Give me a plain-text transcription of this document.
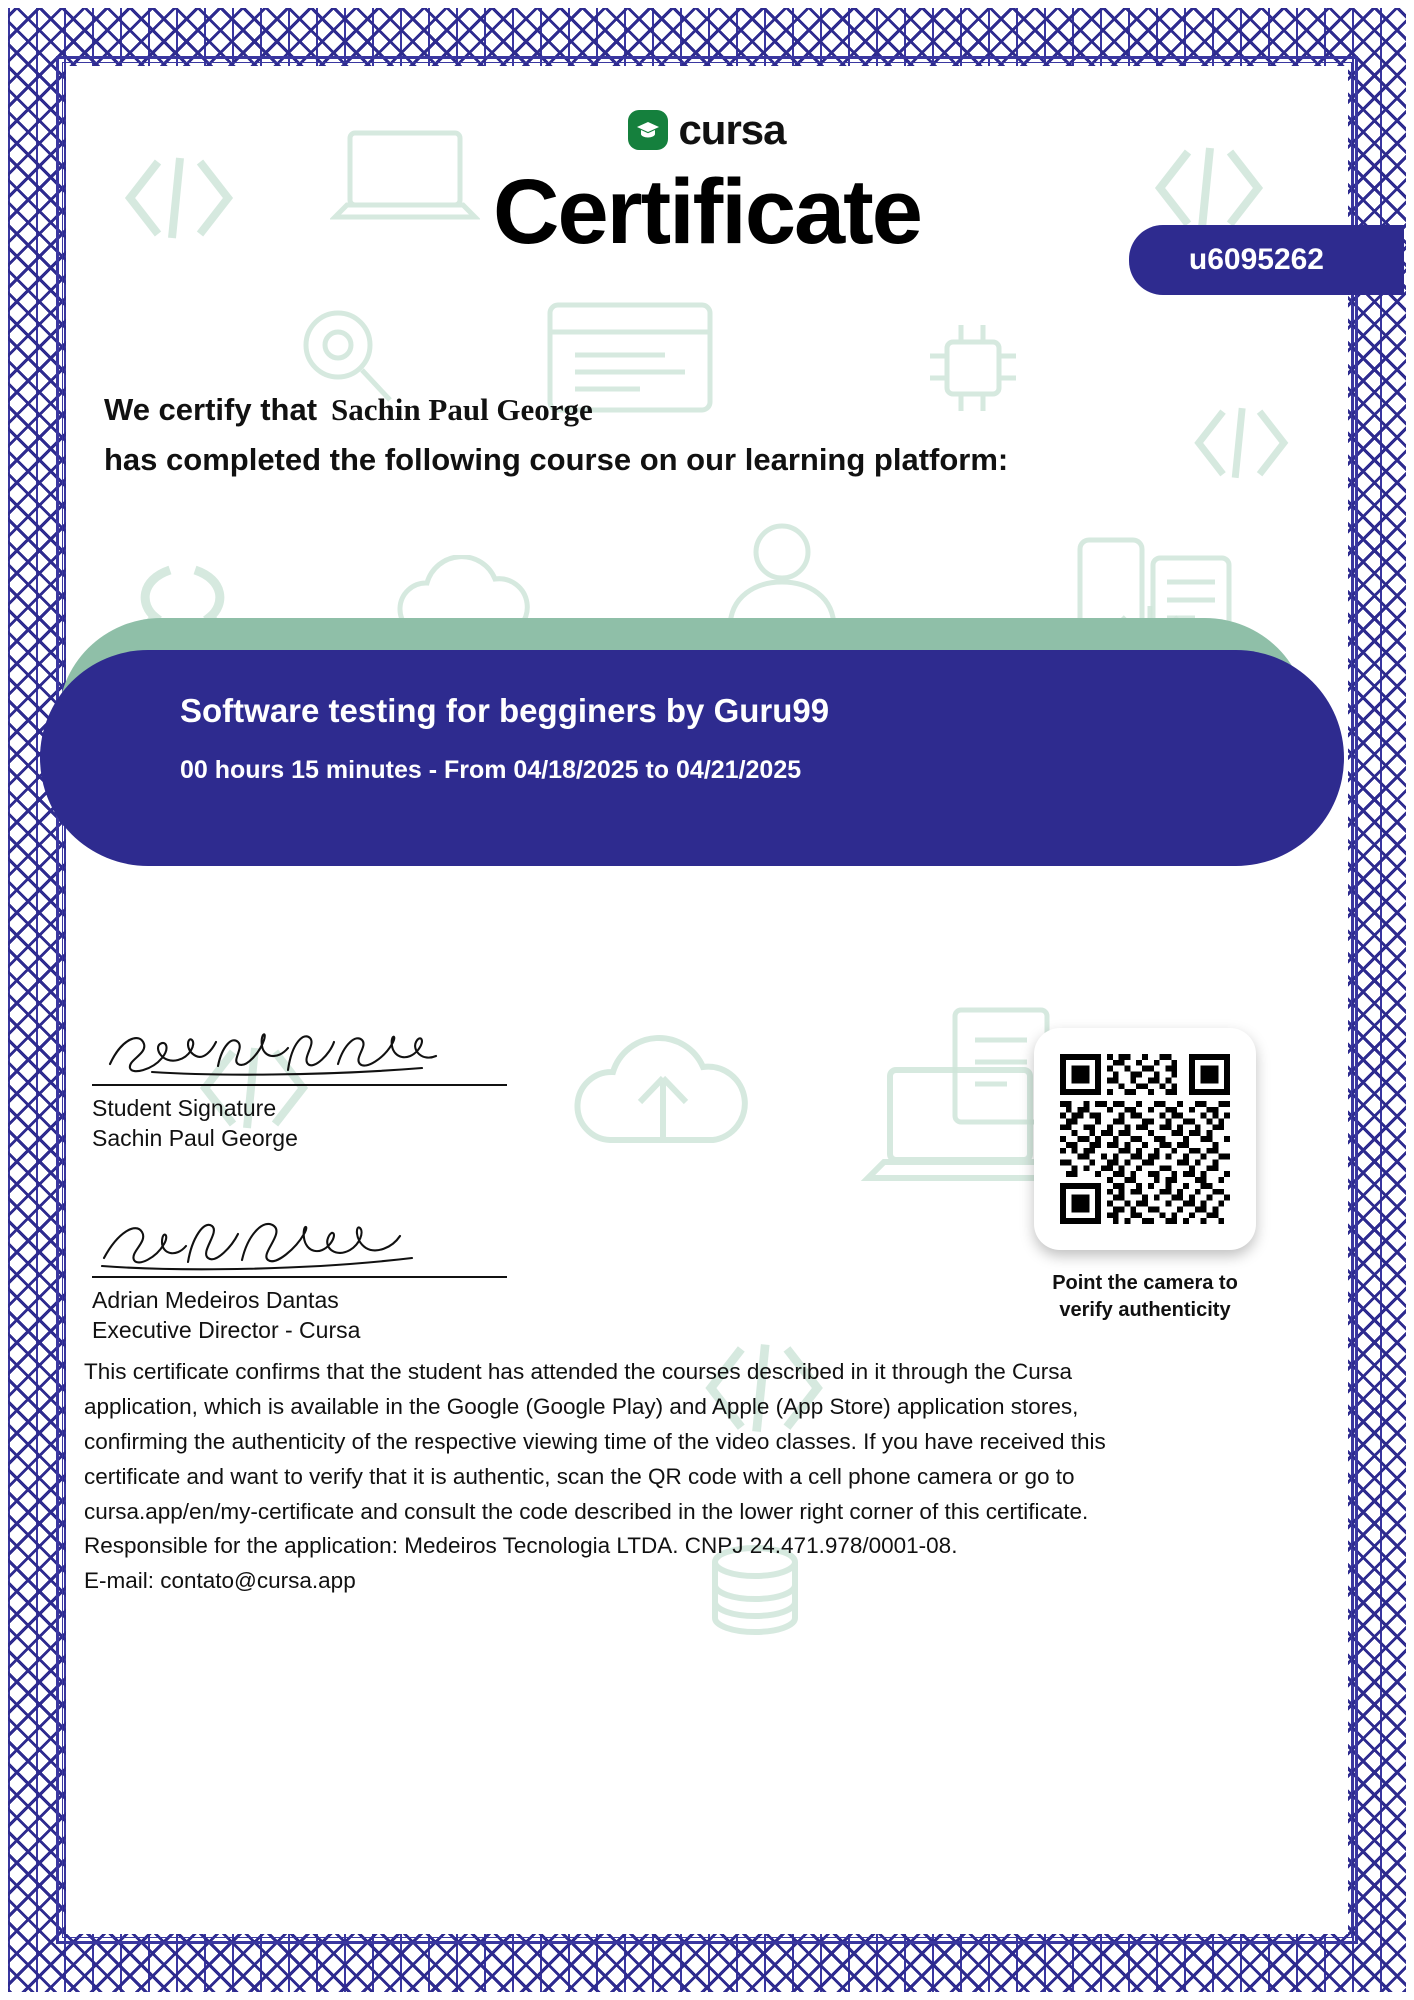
cursa
Certificate	u6095262
We certify that Sachin Paul George
has completed the following course on our learning platform:
Software testing for begginers by Guru99
00 hours 15 minutes - From 04/18/2025 to 04/21/2025
Student Signature
Sachin Paul George
Adrian Medeiros Dantas
Executive Director - Cursa
Point the camera to
verify authenticity

This certificate confirms that the student has attended the courses described in it through the Cursa

application, which is available in the Google (Google Play) and Apple (App Store) application stores,

confirming the authenticity of the respective viewing time of the video classes. If you have received this

certificate and want to verify that it is authentic, scan the QR code with a cell phone camera or go to

cursa.app/en/my-certificate and consult the code described in the lower right corner of this certificate.

Responsible for the application: Medeiros Tecnologia LTDA. CNPJ 24.471.978/0001-08.

E-mail: contato@cursa.app
